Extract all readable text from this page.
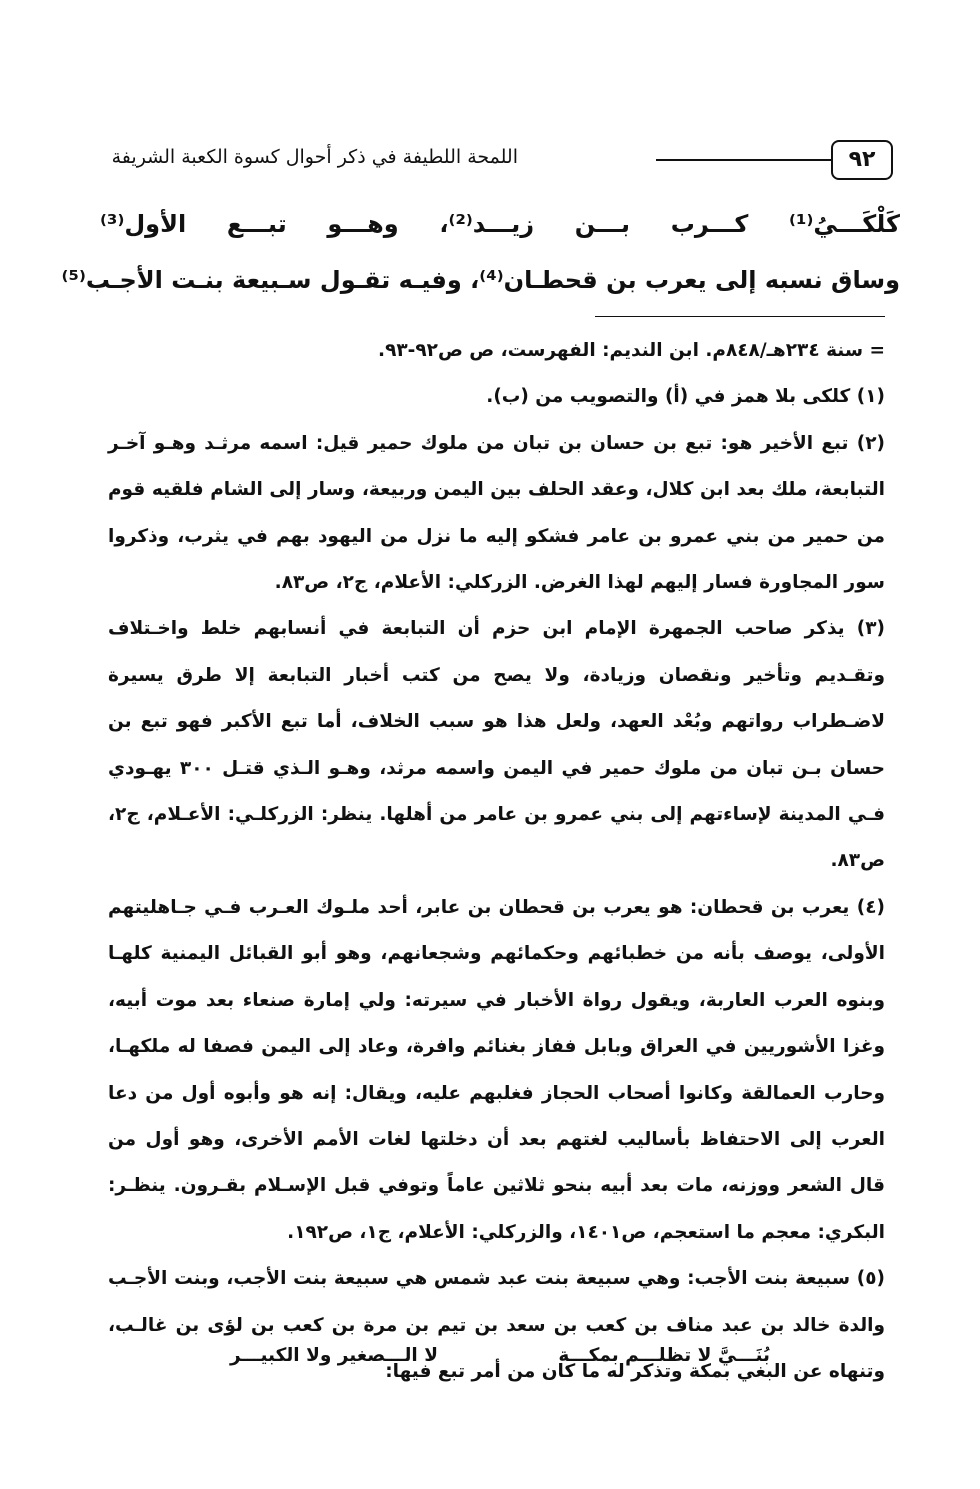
٩٢
اللمحة اللطيفة في ذكر أحوال كسوة الكعبة الشريفة
كَلْكَـــيُ⁽¹⁾ كـــرب بـــن زيـــد⁽²⁾، وهـــو تبـــع الأول⁽³⁾
وساق نسبه إلى يعرب بن قحطـان⁽⁴⁾، وفيـه تقـول سـبيعة بنـت الأجـب⁽⁵⁾
= سنة ٢٣٤هـ/٨٤٨م. ابن النديم: الفهرست، ص ص٩٢-٩٣.
(١) كلكى بلا همز في (أ) والتصويب من (ب).
(٢) تبع الأخير هو: تبع بن حسان بن تبان من ملوك حمير قيل: اسمه مرثـد وهـو آخـر التبابعة، ملك بعد ابن كلال، وعقد الحلف بين اليمن وربيعة، وسار إلى الشام فلقيه قوم من حمير من بني عمرو بن عامر فشكو إليه ما نزل من اليهود بهم في يثرب، وذكروا سور المجاورة فسار إليهم لهذا الغرض. الزركلي: الأعلام، ج٢، ص٨٣.
(٣) يذكر صاحب الجمهرة الإمام ابن حزم أن التبابعة في أنسابهم خلط واخـتلاف وتقـديم وتأخير ونقصان وزيادة، ولا يصح من كتب أخبار التبابعة إلا طرق يسيرة لاضـطراب رواتهم وبُعْد العهد، ولعل هذا هو سبب الخلاف، أما تبع الأكبر فهو تبع بن حسان بـن تبان من ملوك حمير في اليمن واسمه مرثد، وهـو الـذي قتـل ٣٠٠ يهـودي فـي المدينة لإساءتهم إلى بني عمرو بن عامر من أهلها. ينظر: الزركلـي: الأعـلام، ج٢، ص٨٣.
(٤) يعرب بن قحطان: هو يعرب بن قحطان بن عابر، أحد ملـوك العـرب فـي جـاهليتهم الأولى، يوصف بأنه من خطبائهم وحكمائهم وشجعانهم، وهو أبو القبائل اليمنية كلهـا وبنوه العرب العاربة، ويقول رواة الأخبار في سيرته: ولي إمارة صنعاء بعد موت أبيه، وغزا الأشوريين في العراق وبابل ففاز بغنائم وافرة، وعاد إلى اليمن فصفا له ملكهـا، وحارب العمالقة وكانوا أصحاب الحجاز فغلبهم عليه، ويقال: إنه هو وأبوه أول من دعا العرب إلى الاحتفاظ بأساليب لغتهم بعد أن دخلتها لغات الأمم الأخرى، وهو أول من قال الشعر ووزنه، مات بعد أبيه بنحو ثلاثين عاماً وتوفي قبل الإسـلام بقـرون. ينظـر: البكري: معجم ما استعجم، ص١٤٠١، والزركلي: الأعلام، ج١، ص١٩٢.
(٥) سبيعة بنت الأجب: وهي سبيعة بنت عبد شمس هي سبيعة بنت الأجب، وبنت الأجـب والدة خالد بن عبد مناف بن كعب بن سعد بن تيم بن مرة بن كعب بن لؤى بن غالـب، وتنهاه عن البغي بمكة وتذكر له ما كان من أمر تبع فيها:
بُنَـــيَّ لا تظلـــم بمكـــة
لا الـــصغير ولا الكبيـــر
